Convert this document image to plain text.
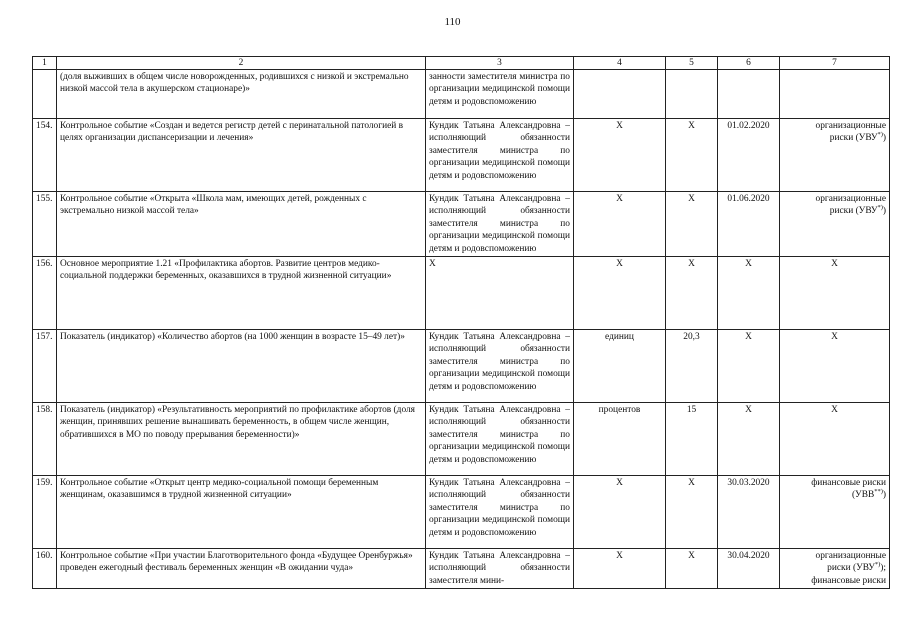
110
1	2	3	4	5	6	7
	(доля выживших в общем числе новорожденных, родившихся с низкой и экстремально низкой массой тела в акушерском стационаре)»	занности заместителя министра по организации медицинской помощи детям и родовспоможению				

154.	Контрольное событие «Создан и ведется регистр детей с перинатальной патологией в целях организации диспансеризации и лечения»	Кундик Татьяна Александровна – исполняющий обязанности заместителя министра по организации медицинской помощи детям и родовспоможению	Х	Х	01.02.2020	организационные
риски (УВУ*))

155.	Контрольное событие «Открыта «Школа мам, имеющих детей, рожденных с экстремально низкой массой тела»	Кундик Татьяна Александровна – исполняющий обязанности заместителя министра по организации медицинской помощи детям и родовспоможению	Х	Х	01.06.2020	организационные
риски (УВУ*))

156.	Основное мероприятие 1.21 «Профилактика абортов. Развитие центров медико-социальной поддержки беременных, оказавшихся в трудной жизненной ситуации»	Х	Х	Х	Х	Х

157.	Показатель (индикатор) «Количество абортов (на 1000 женщин в возрасте 15–49 лет)»	Кундик Татьяна Александровна – исполняющий обязанности заместителя министра по организации медицинской помощи детям и родовспоможению	единиц	20,3	Х	Х

158.	Показатель (индикатор) «Результативность мероприятий по профилактике абортов (доля женщин, принявших решение вынашивать беременность, в общем числе женщин, обратившихся в МО по поводу прерывания беременности)»	Кундик Татьяна Александровна – исполняющий обязанности заместителя министра по организации медицинской помощи детям и родовспоможению	процентов	15	Х	Х

159.	Контрольное событие «Открыт центр медико-социальной помощи беременным женщинам, оказавшимся в трудной жизненной ситуации»	Кундик Татьяна Александровна – исполняющий обязанности заместителя министра по организации медицинской помощи детям и родовспоможению	Х	Х	30.03.2020	финансовые риски
(УВВ**))

160.	Контрольное событие «При участии Благотворительного фонда «Будущее Оренбуржья» проведен ежегодный фестиваль беременных женщин «В ожидании чуда»	Кундик Татьяна Александровна – исполняющий обязанности заместителя мини-	Х	Х	30.04.2020	организационные
риски (УВУ*));
финансовые риски
